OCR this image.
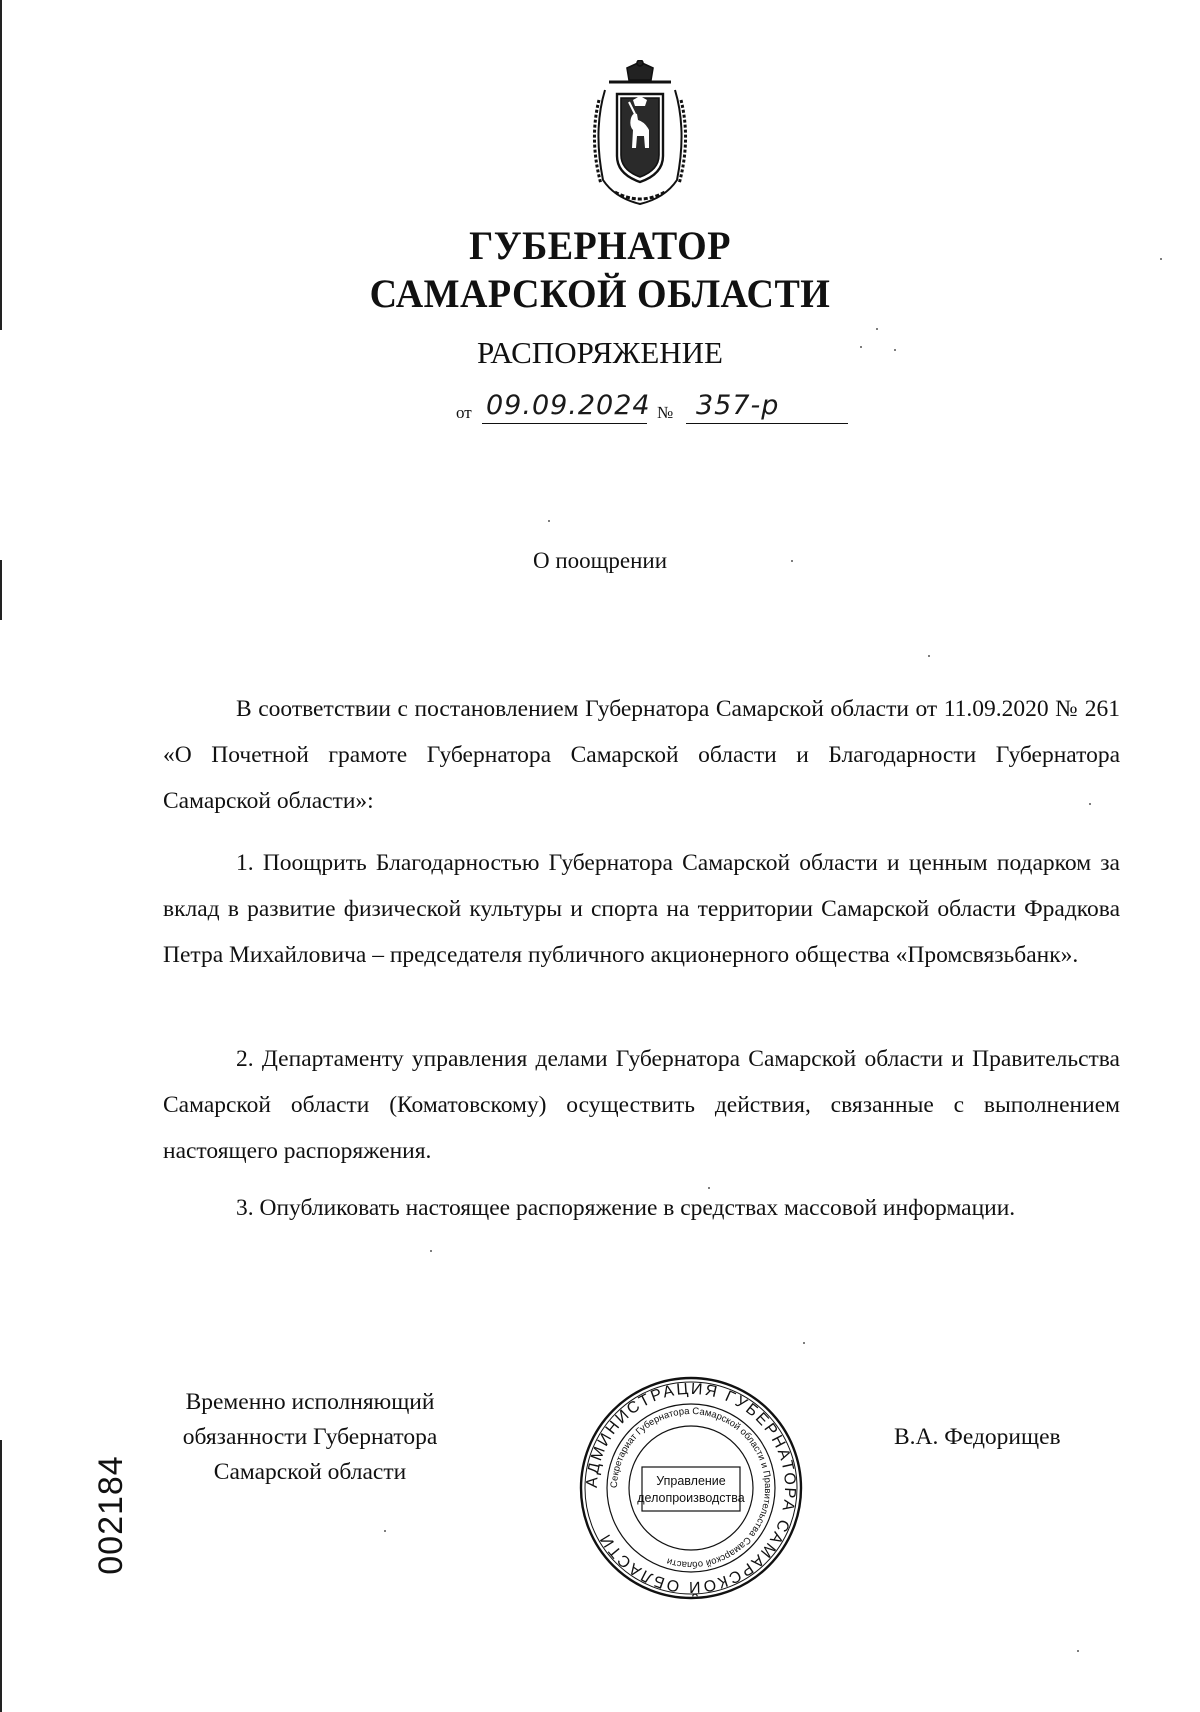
ГУБЕРНАТОР
САМАРСКОЙ ОБЛАСТИ
РАСПОРЯЖЕНИЕ
от 09.09.2024 № 357-р
О поощрении

В соответствии с постановлением Губернатора Самарской области от 11.09.2020 № 261 «О Почетной грамоте Губернатора Самарской области и Благодарности Губернатора Самарской области»:

1. Поощрить Благодарностью Губернатора Самарской области и ценным подарком за вклад в развитие физической культуры и спорта на территории Самарской области Фрадкова Петра Михайловича – председателя публичного акционерного общества «Промсвязьбанк».

2. Департаменту управления делами Губернатора Самарской области и Правительства Самарской области (Коматовскому) осуществить действия, связанные с выполнением настоящего распоряжения.

3. Опубликовать настоящее распоряжение в средствах массовой информации.

Временно исполняющий
обязанности Губернатора
Самарской области
В.А. Федорищев
002184	АДМИНИСТРАЦИЯ ГУБЕРНАТОРА САМАРСКОЙ ОБЛАСТИ
Секретариат Губернатора Самарской области и Правительства Самарской области
Управление
делопроизводства
